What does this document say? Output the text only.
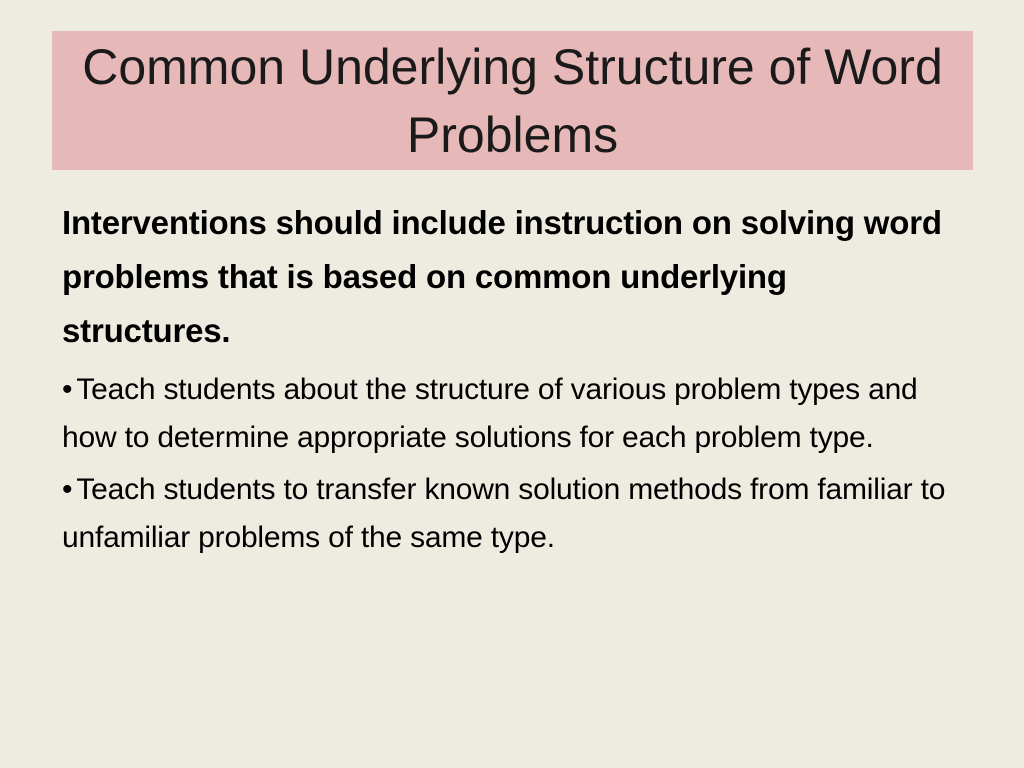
Common Underlying Structure of Word Problems

Interventions should include instruction on solving word problems that is based on common underlying structures.

• Teach students about the structure of various problem types and how to determine appropriate solutions for each problem type.

• Teach students to transfer known solution methods from familiar to unfamiliar problems of the same type.
